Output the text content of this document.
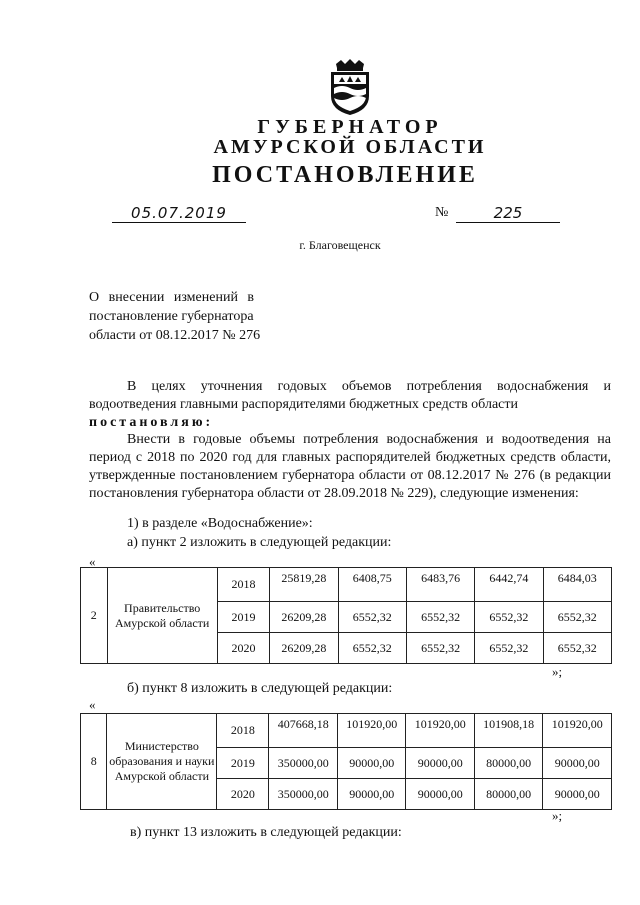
ГУБЕРНАТОР
АМУРСКОЙ ОБЛАСТИ
ПОСТАНОВЛЕНИЕ
05.07.2019	№	225
г. Благовещенск
О внесении изменений в
постановление губернатора
области от 08.12.2017 № 276
В целях уточнения годовых объемов потребления водоснабжения и водоотведения главными распорядителями бюджетных средств области
постановляю:
Внести в годовые объемы потребления водоснабжения и водоотведения на период с 2018 по 2020 год для главных распорядителей бюджетных средств области, утвержденные постановлением губернатора области от 08.12.2017 № 276 (в редакции постановления губернатора области от 28.09.2018 № 229), следующие изменения:
1) в разделе «Водоснабжение»:
а) пункт 2 изложить в следующей редакции:
«
2	Правительство Амурской области	2018	25819,28	6408,75	6483,76	6442,74	6484,03
		2019	26209,28	6552,32	6552,32	6552,32	6552,32
		2020	26209,28	6552,32	6552,32	6552,32	6552,32
»;
б) пункт 8 изложить в следующей редакции:
«
8	Министерство образования и науки Амурской области	2018	407668,18	101920,00	101920,00	101908,18	101920,00
		2019	350000,00	90000,00	90000,00	80000,00	90000,00
		2020	350000,00	90000,00	90000,00	80000,00	90000,00
»;
в) пункт 13 изложить в следующей редакции:
